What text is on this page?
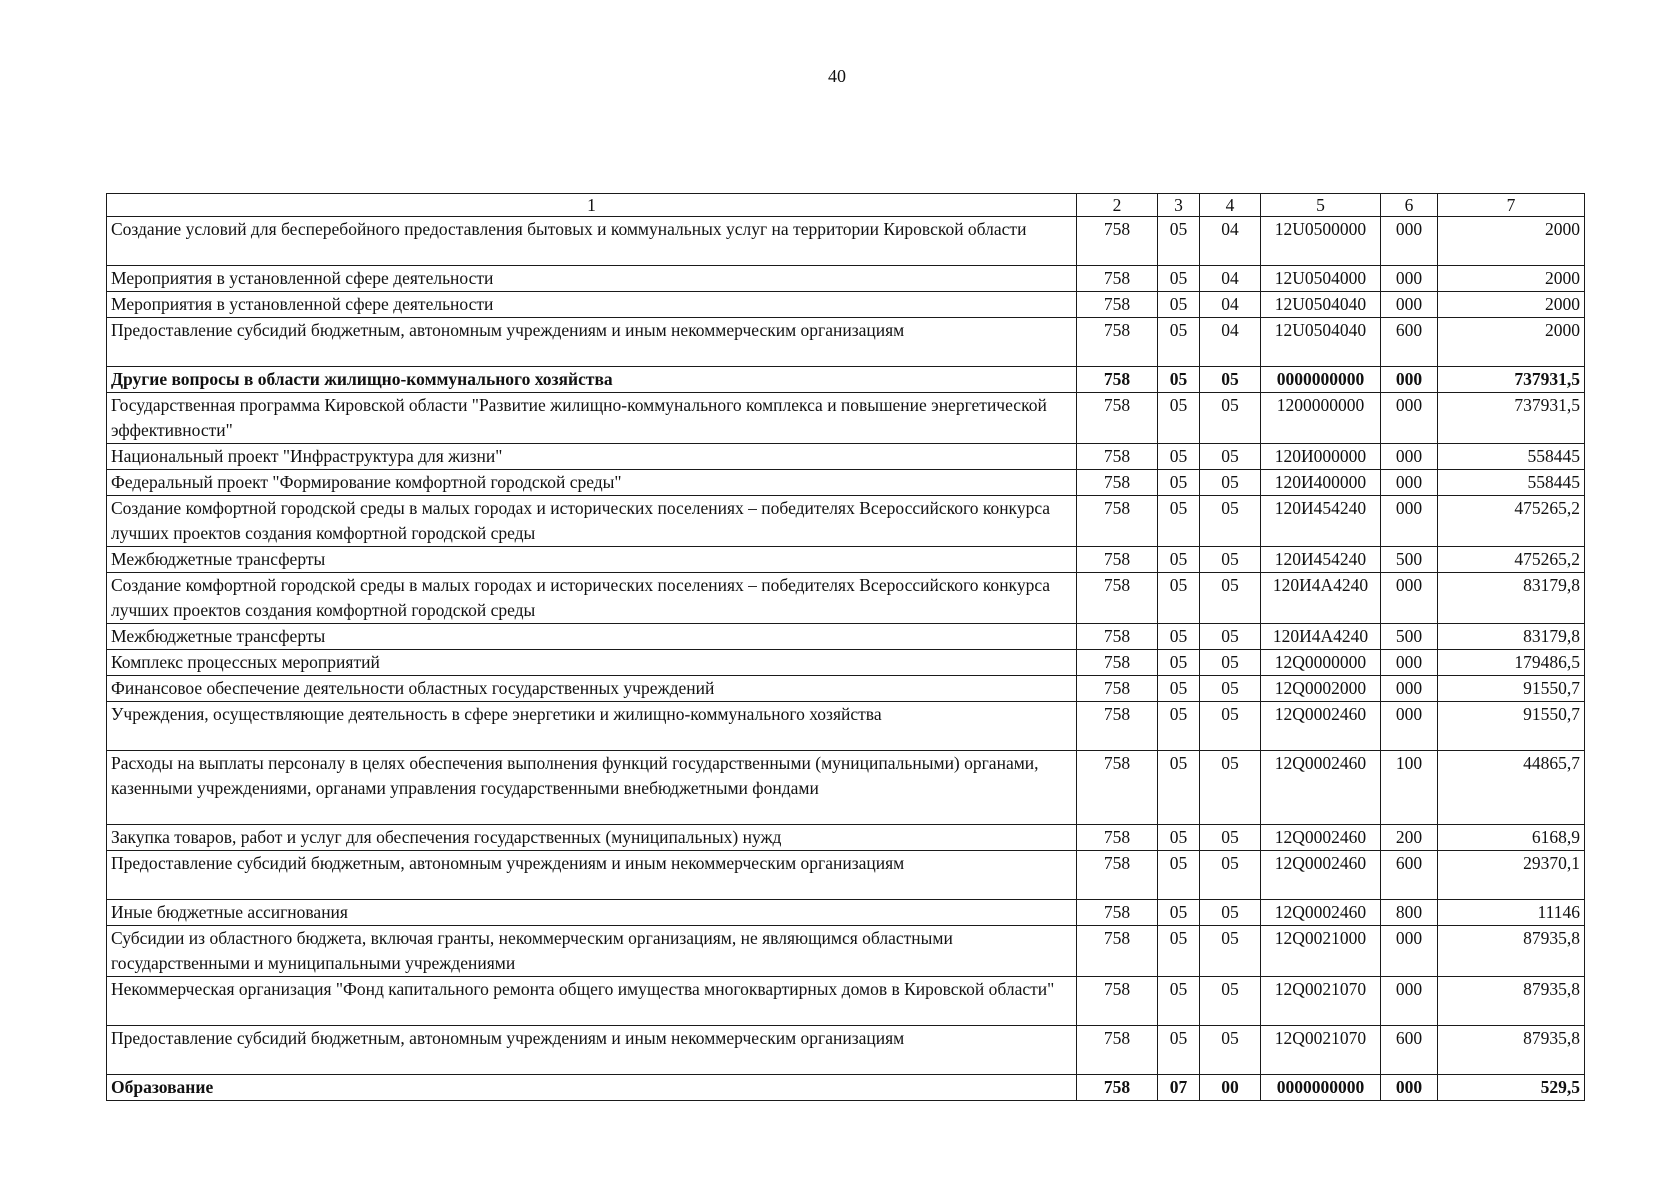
40
1	2	3	4	5	6	7
Создание условий для бесперебойного предоставления бытовых и коммунальных услуг на территории Кировской области	758	05	04	12U0500000	000	2000
Мероприятия в установленной сфере деятельности	758	05	04	12U0504000	000	2000
Мероприятия в установленной сфере деятельности	758	05	04	12U0504040	000	2000
Предоставление субсидий бюджетным, автономным учреждениям и иным некоммерческим организациям	758	05	04	12U0504040	600	2000
Другие вопросы в области жилищно-коммунального хозяйства	758	05	05	0000000000	000	737931,5
Государственная программа Кировской области "Развитие жилищно-коммунального комплекса и повышение энергетической эффективности"	758	05	05	1200000000	000	737931,5
Национальный проект "Инфраструктура для жизни"	758	05	05	120И000000	000	558445
Федеральный проект "Формирование комфортной городской среды"	758	05	05	120И400000	000	558445
Создание комфортной городской среды в малых городах и исторических поселениях – победителях Всероссийского конкурса лучших проектов создания комфортной городской среды	758	05	05	120И454240	000	475265,2
Межбюджетные трансферты	758	05	05	120И454240	500	475265,2
Создание комфортной городской среды в малых городах и исторических поселениях – победителях Всероссийского конкурса лучших проектов создания комфортной городской среды	758	05	05	120И4А4240	000	83179,8
Межбюджетные трансферты	758	05	05	120И4А4240	500	83179,8
Комплекс процессных мероприятий	758	05	05	12Q0000000	000	179486,5
Финансовое обеспечение деятельности областных государственных учреждений	758	05	05	12Q0002000	000	91550,7
Учреждения, осуществляющие деятельность в сфере энергетики и жилищно-коммунального хозяйства	758	05	05	12Q0002460	000	91550,7
Расходы на выплаты персоналу в целях обеспечения выполнения функций государственными (муниципальными) органами, казенными учреждениями, органами управления государственными внебюджетными фондами	758	05	05	12Q0002460	100	44865,7
Закупка товаров, работ и услуг для обеспечения государственных (муниципальных) нужд	758	05	05	12Q0002460	200	6168,9
Предоставление субсидий бюджетным, автономным учреждениям и иным некоммерческим организациям	758	05	05	12Q0002460	600	29370,1
Иные бюджетные ассигнования	758	05	05	12Q0002460	800	11146
Субсидии из областного бюджета, включая гранты, некоммерческим организациям, не являющимся областными государственными и муниципальными учреждениями	758	05	05	12Q0021000	000	87935,8
Некоммерческая организация "Фонд капитального ремонта общего имущества многоквартирных домов в Кировской области"	758	05	05	12Q0021070	000	87935,8
Предоставление субсидий бюджетным, автономным учреждениям и иным некоммерческим организациям	758	05	05	12Q0021070	600	87935,8
Образование	758	07	00	0000000000	000	529,5
